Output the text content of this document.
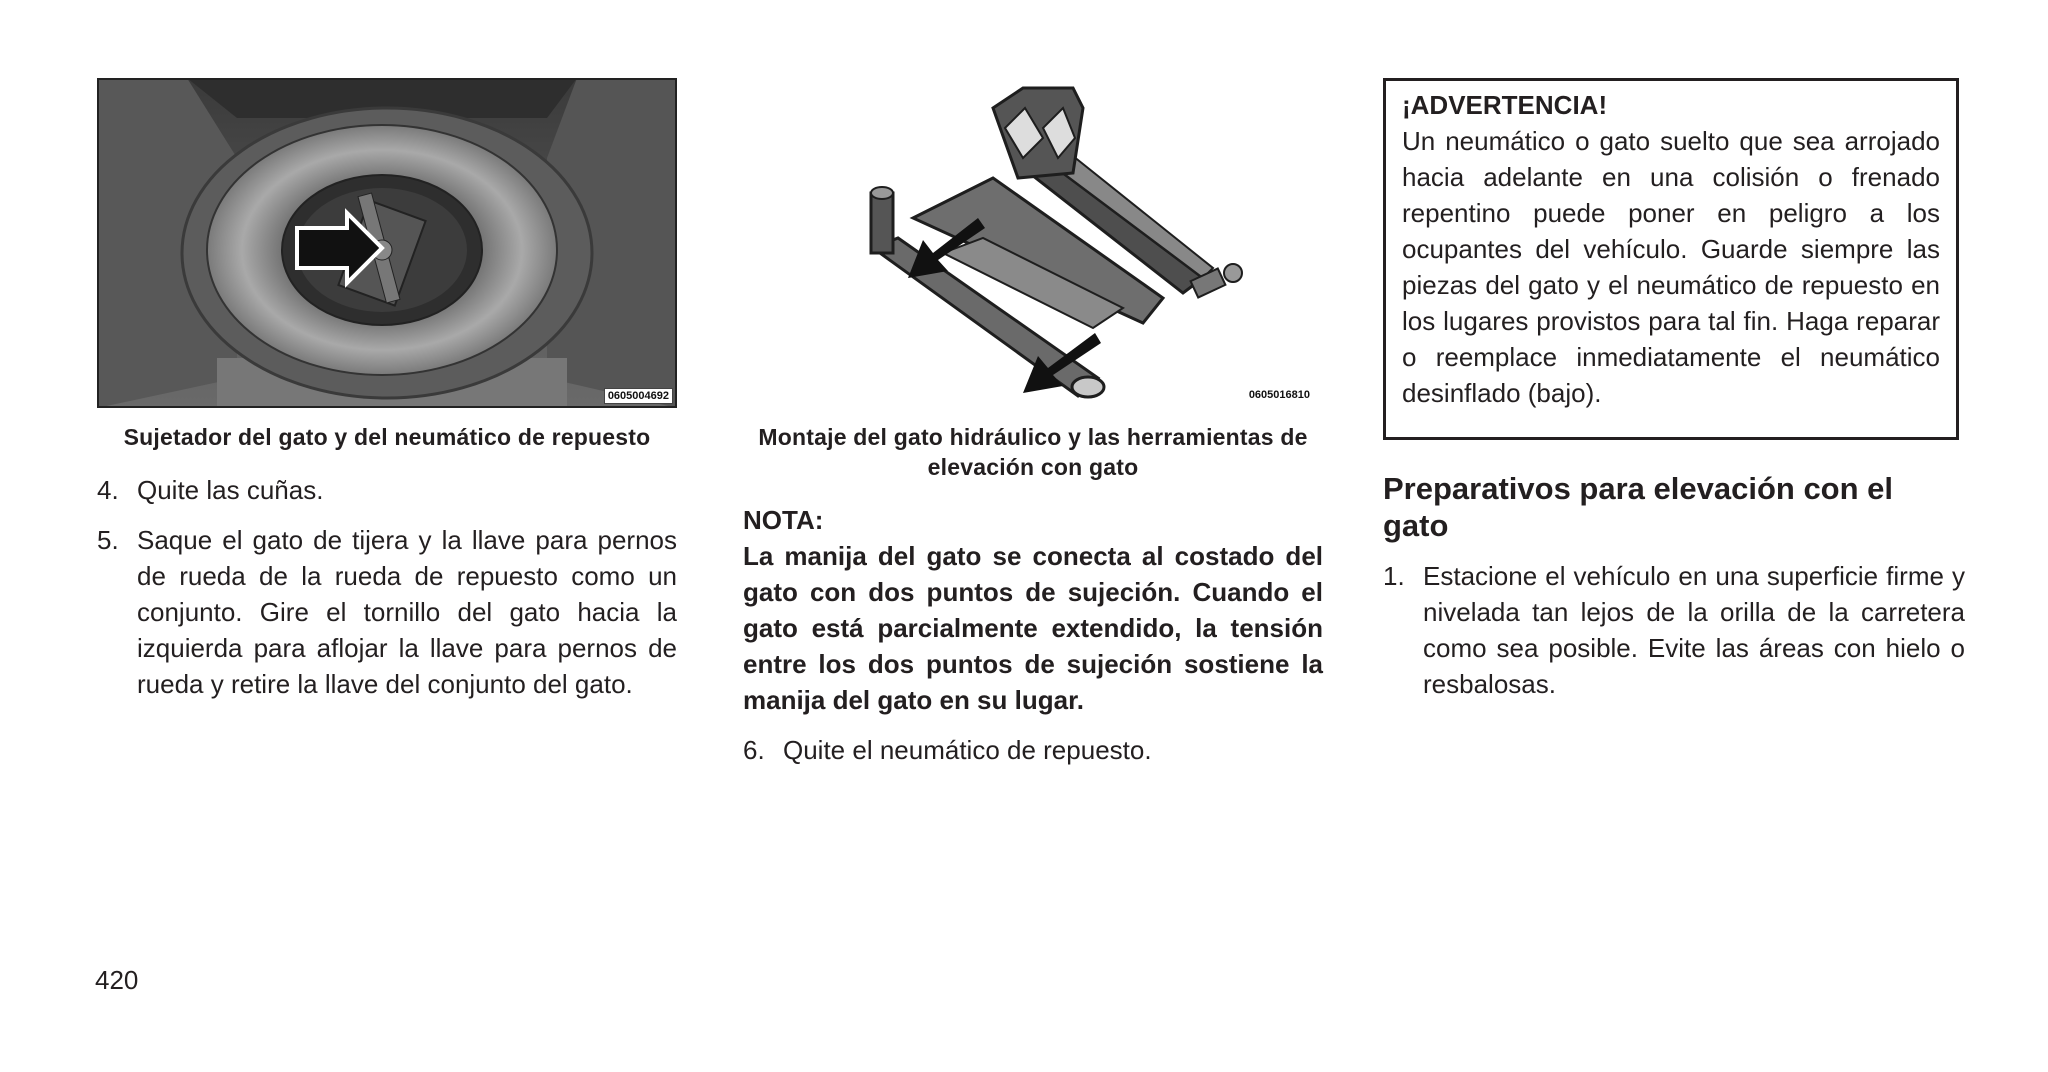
0605004692
Sujetador del gato y del neumático de repuesto
4. Quite las cuñas.
5. Saque el gato de tijera y la llave para pernos de rueda de la rueda de repuesto como un conjunto. Gire el tornillo del gato hacia la izquierda para aflojar la llave para pernos de rueda y retire la llave del conjunto del gato.
0605016810
Montaje del gato hidráulico y las herramientas de elevación con gato
NOTA:
La manija del gato se conecta al costado del gato con dos puntos de sujeción. Cuando el gato está parcialmente extendido, la tensión entre los dos puntos de sujeción sostiene la manija del gato en su lugar.
6. Quite el neumático de repuesto.
¡ADVERTENCIA!
Un neumático o gato suelto que sea arrojado hacia adelante en una colisión o frenado repentino puede poner en peligro a los ocupantes del vehículo. Guarde siempre las piezas del gato y el neumático de repuesto en los lugares provistos para tal fin. Haga reparar o reemplace inmediatamente el neumático desinflado (bajo).
Preparativos para elevación con el gato
1. Estacione el vehículo en una superficie firme y nivelada tan lejos de la orilla de la carretera como sea posible. Evite las áreas con hielo o resbalosas.
420
